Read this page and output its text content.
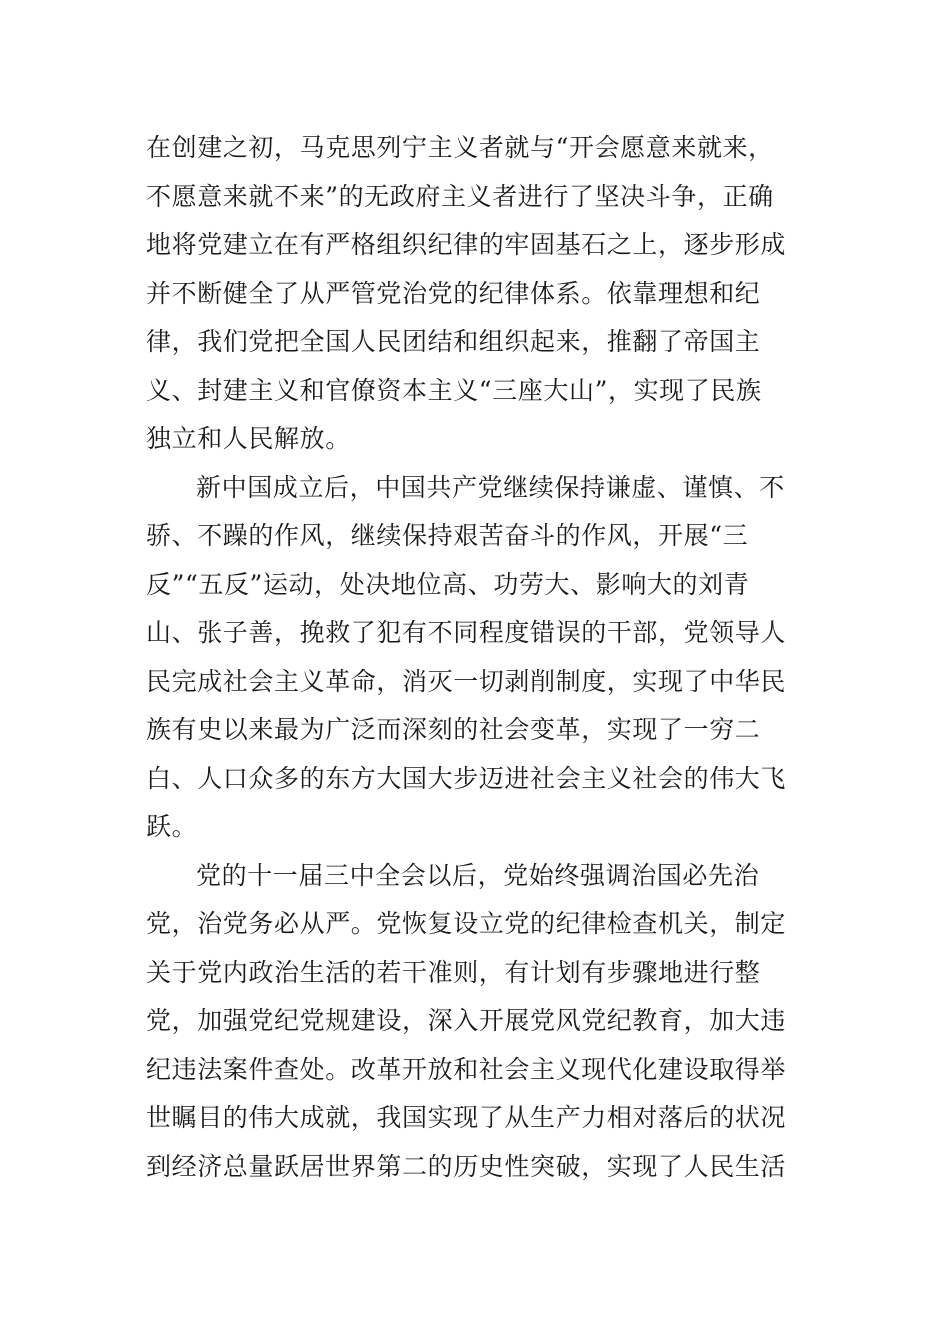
在创建之初，马克思列宁主义者就与“开会愿意来就来，
不愿意来就不来”的无政府主义者进行了坚决斗争，正确
地将党建立在有严格组织纪律的牢固基石之上，逐步形成
并不断健全了从严管党治党的纪律体系。依靠理想和纪
律，我们党把全国人民团结和组织起来，推翻了帝国主
义、封建主义和官僚资本主义“三座大山”，实现了民族
独立和人民解放。
新中国成立后，中国共产党继续保持谦虚、谨慎、不
骄、不躁的作风，继续保持艰苦奋斗的作风，开展“三
反”“五反”运动，处决地位高、功劳大、影响大的刘青
山、张子善，挽救了犯有不同程度错误的干部，党领导人
民完成社会主义革命，消灭一切剥削制度，实现了中华民
族有史以来最为广泛而深刻的社会变革，实现了一穷二
白、人口众多的东方大国大步迈进社会主义社会的伟大飞
跃。
党的十一届三中全会以后，党始终强调治国必先治
党，治党务必从严。党恢复设立党的纪律检查机关，制定
关于党内政治生活的若干准则，有计划有步骤地进行整
党，加强党纪党规建设，深入开展党风党纪教育，加大违
纪违法案件查处。改革开放和社会主义现代化建设取得举
世瞩目的伟大成就，我国实现了从生产力相对落后的状况
到经济总量跃居世界第二的历史性突破，实现了人民生活
